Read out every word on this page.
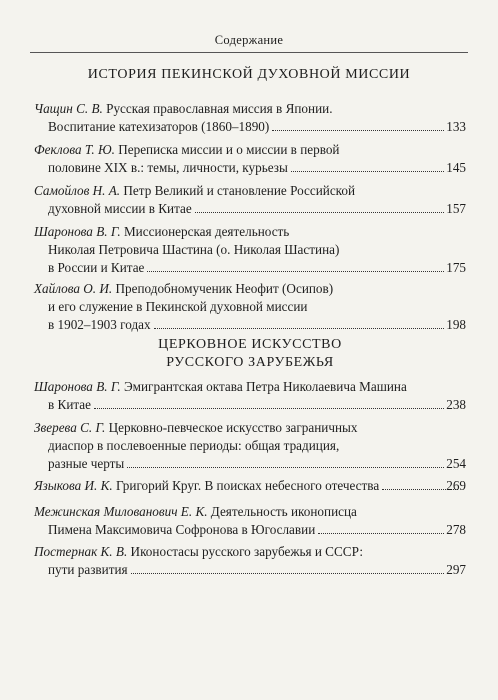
Содержание
ИСТОРИЯ ПЕКИНСКОЙ ДУХОВНОЙ МИССИИ
Чащин С. В. Русская православная миссия в Японии.
Воспитание катехизаторов (1860–1890)	133
Феклова Т. Ю. Переписка миссии и о миссии в первой
половине XIX в.: темы, личности, курьезы	145
Самойлов Н. А. Петр Великий и становление Российской
духовной миссии в Китае	157
Шаронова В. Г. Миссионерская деятельность
Николая Петровича Шастина (о. Николая Шастина)
в России и Китае	175
Хайлова О. И. Преподобномученик Неофит (Осипов)
и его служение в Пекинской духовной миссии
в 1902–1903 годах	198
ЦЕРКОВНОЕ ИСКУССТВО
РУССКОГО ЗАРУБЕЖЬЯ
Шаронова В. Г. Эмигрантская октава Петра Николаевича Машина
в Китае	238
Зверева С. Г. Церковно-певческое искусство заграничных
диаспор в послевоенные периоды: общая традиция,
разные черты	254
Языкова И. К. Григорий Круг. В поисках небесного отечества	269
Межинская Милованович Е. К. Деятельность иконописца
Пимена Максимовича Софронова в Югославии	278
Постернак К. В. Иконостасы русского зарубежья и СССР:
пути развития	297
